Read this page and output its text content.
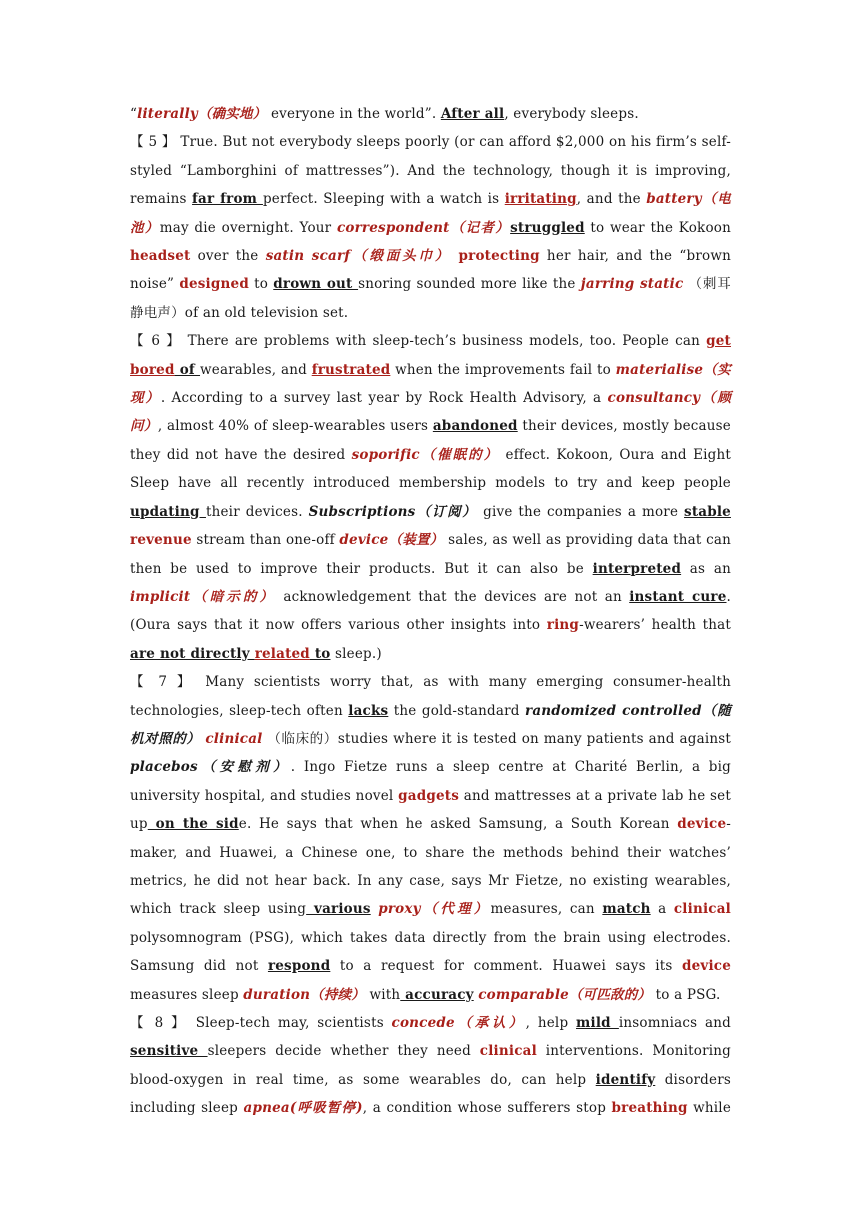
“literally（确实地） everyone in the world”. After all, everybody sleeps.

【 5 】 True. But not everybody sleeps poorly (or can afford $2,000 on his firm’s self-styled “Lamborghini of mattresses”). And the technology, though it is improving, remains far from perfect. Sleeping with a watch is irritating, and the battery（电池）may die overnight. Your correspondent（记者）struggled to wear the Kokoon headset over the satin scarf（缎面头巾） protecting her hair, and the “brown noise” designed to drown out snoring sounded more like the jarring static （刺耳静电声）of an old television set.

【 6 】 There are problems with sleep-tech’s business models, too. People can get bored of wearables, and frustrated when the improvements fail to materialise（实现）. According to a survey last year by Rock Health Advisory, a consultancy（顾问）, almost 40% of sleep-wearables users abandoned their devices, mostly because they did not have the desired soporific（催眠的） effect. Kokoon, Oura and Eight Sleep have all recently introduced membership models to try and keep people updating their devices. Subscriptions（订阅） give the companies a more stable revenue stream than one-off device（装置） sales, as well as providing data that can then be used to improve their products. But it can also be interpreted as an implicit（暗示的） acknowledgement that the devices are not an instant cure. (Oura says that it now offers various other insights into ring-wearers’ health that are not directly related to sleep.)

【 7 】 Many scientists worry that, as with many emerging consumer-health technologies, sleep-tech often lacks the gold-standard randomized controlled（随机对照的） clinical （临床的）studies where it is tested on many patients and against placebos（安慰剂）. Ingo Fietze runs a sleep centre at Charité Berlin, a big university hospital, and studies novel gadgets and mattresses at a private lab he set up on the side. He says that when he asked Samsung, a South Korean device-maker, and Huawei, a Chinese one, to share the methods behind their watches’ metrics, he did not hear back. In any case, says Mr Fietze, no existing wearables, which track sleep using various proxy（代理）measures, can match a clinical polysomnogram (PSG), which takes data directly from the brain using electrodes. Samsung did not respond to a request for comment. Huawei says its device measures sleep duration（持续） with accuracy comparable（可匹敌的） to a PSG.

【 8 】 Sleep-tech may, scientists concede（承认）, help mild insomniacs and sensitive sleepers decide whether they need clinical interventions. Monitoring blood-oxygen in real time, as some wearables do, can help identify disorders including sleep apnea(呼吸暂停), a condition whose sufferers stop breathing while
